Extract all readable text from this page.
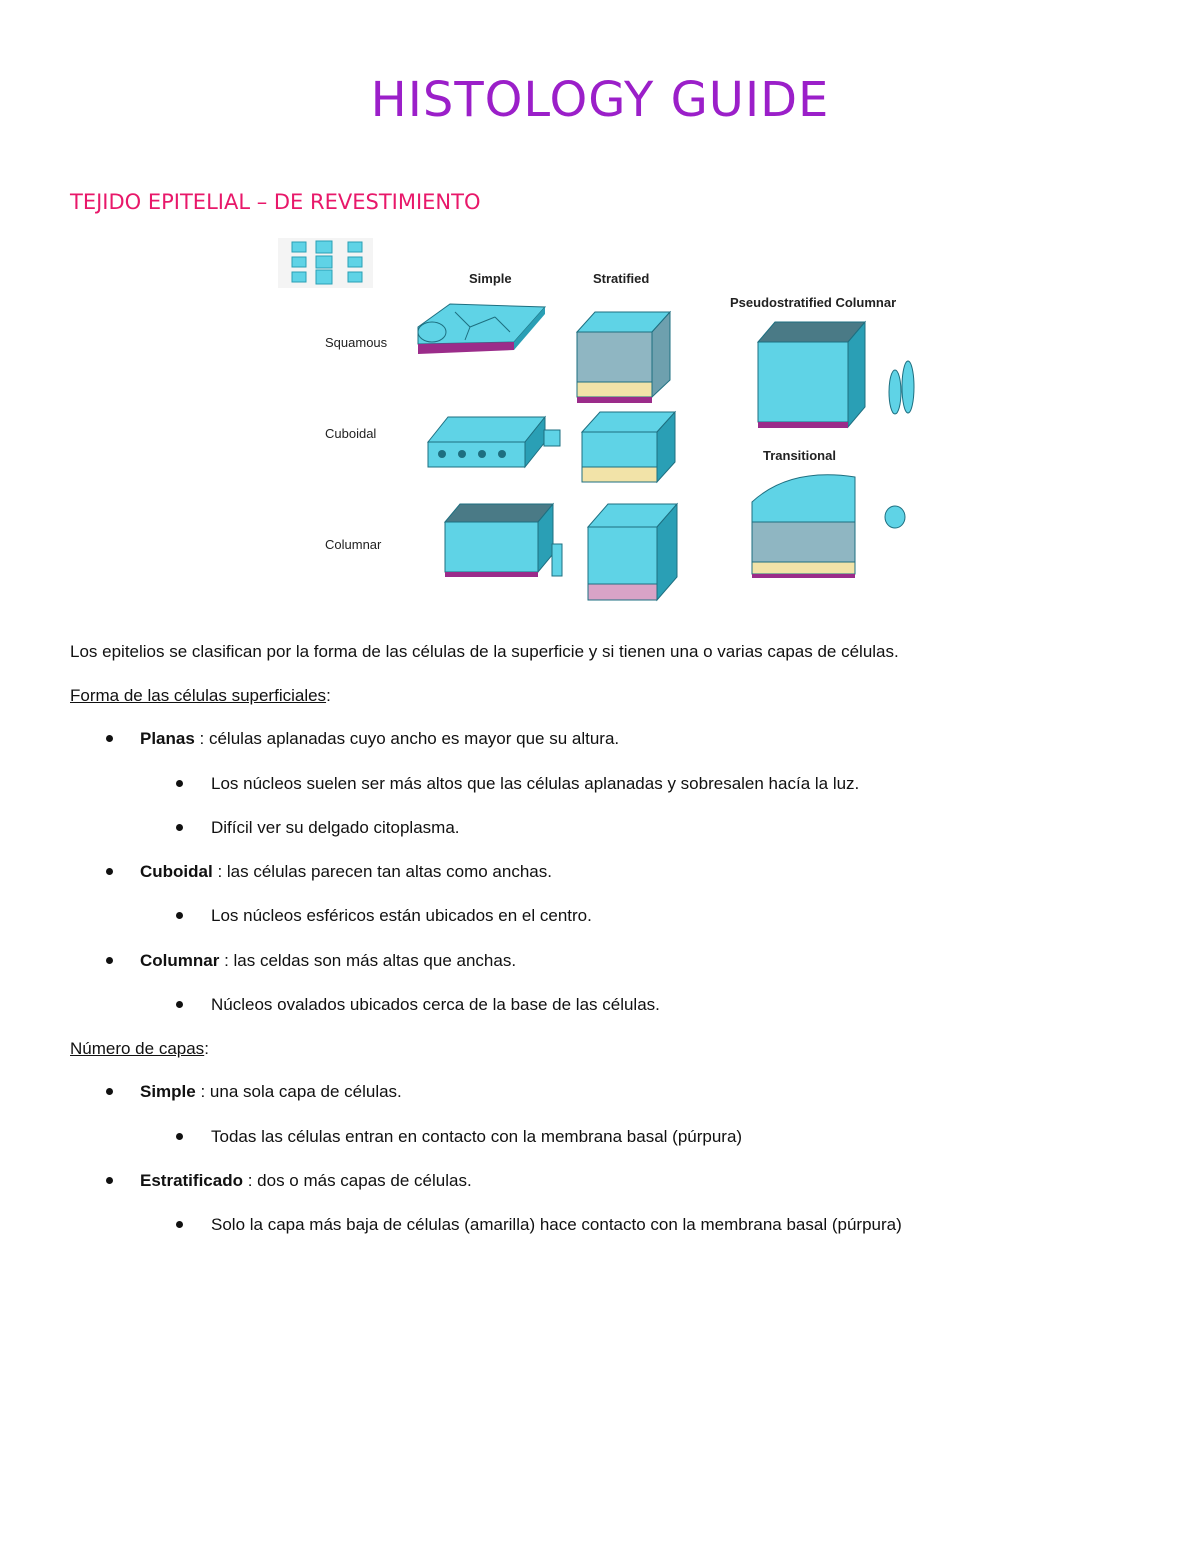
HISTOLOGY GUIDE
TEJIDO EPITELIAL – DE REVESTIMIENTO
Simple	Stratified
Pseudostratified Columnar
Squamous
Cuboidal
Transitional
Columnar
Los epitelios se clasifican por la forma de las células de la superficie y si tienen una o varias capas de células.
Forma de las células superficiales:
Planas : células aplanadas cuyo ancho es mayor que su altura.
Los núcleos suelen ser más altos que las células aplanadas y sobresalen hacía la luz.
Difícil ver su delgado citoplasma.
Cuboidal : las células parecen tan altas como anchas.
Los núcleos esféricos están ubicados en el centro.
Columnar : las celdas son más altas que anchas.
Núcleos ovalados ubicados cerca de la base de las células.
Número de capas:
Simple : una sola capa de células.
Todas las células entran en contacto con la membrana basal (púrpura)
Estratificado : dos o más capas de células.
Solo la capa más baja de células (amarilla) hace contacto con la membrana basal (púrpura)
